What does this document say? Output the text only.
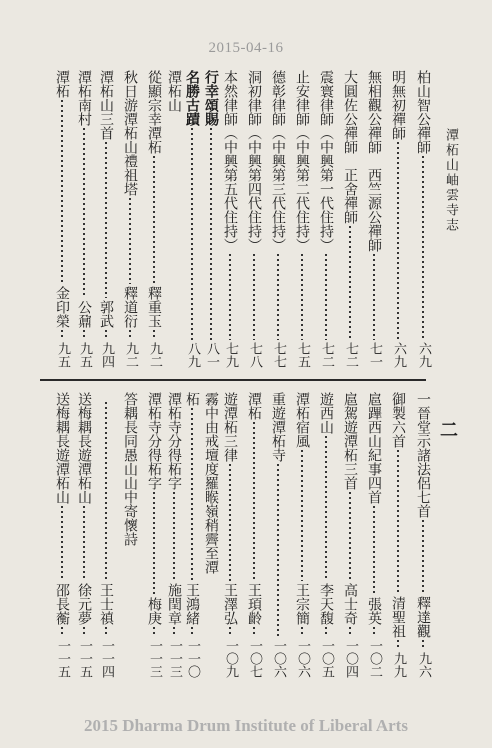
2015-04-16
潭柘山岫雲寺志
二
柏山智公禪師
六九
明無初禪師
六九
無相觀公禪師　西竺源公禪師
七一
大圓佐公禪師　正舍禪師
七二
震寰律師（中興第一代住持）
七二
止安律師（中興第二代住持）
七五
德彰律師（中興第三代住持）
七七
洞初律師（中興第四代住持）
七八
本然律師（中興第五代住持）
七九
行幸頌賜
八一
名勝古蹟
八九
潭柘山
從顯宗幸潭柘
釋重玉
九二
秋日游潭柘山禮祖塔
釋道衍
九二
潭柘山三首
郭武
九四
潭柘南村
公鼐
九五
潭柘
金印榮
九五
一晉堂示諸法侶七首
釋達觀
九六
御製六首
清聖祖
九九
扈蹕西山紀事四首
張英
一〇二
扈駕遊潭柘三首
高士奇
一〇四
遊西山
李天馥
一〇五
潭柘宿風
王宗簡
一〇六
重遊潭柘寺
一〇六
潭柘
王頊齡
一〇七
遊潭柘三律
王澤弘
一〇九
霧中由戒壇度羅睺嶺稍霽至潭
柘
王鴻緒
一一〇
潭柘寺分得柘字
施閏章
一一三
潭柘寺分得柘字
梅庚
一一三
答耦長同愚山山中寄懷詩
王士禛
一一四
送梅耦長遊潭柘山
徐元夢
一一五
送梅耦長遊潭柘山
邵長蘅
一一五
2015 Dharma Drum Institute of Liberal Arts
